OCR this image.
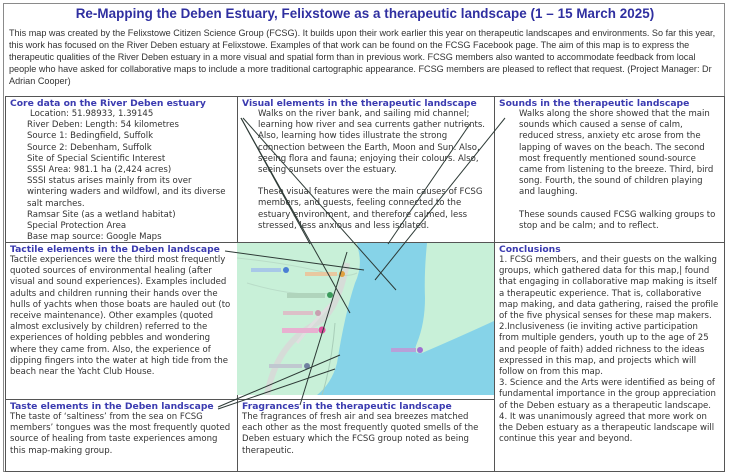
Re-Mapping the Deben Estuary, Felixstowe as a therapeutic landscape (1 – 15 March 2025)
This map was created by the Felixstowe Citizen Science Group (FCSG). It builds upon their work earlier this year on therapeutic landscapes and environments. So far this year, this work has focused on the River Deben estuary at Felixstowe. Examples of that work can be found on the FCSG Facebook page. The aim of this map is to express the therapeutic qualities of the River Deben estuary in a more visual and spatial form than in previous work. FCSG members also wanted to accommodate feedback from local people who have asked for collaborative maps to include a more traditional cartographic appearance. FCSG members are pleased to reflect that request. (Project Manager: Dr Adrian Cooper)
Core data on the River Deben estuary
Location: 51.98933, 1.39145
River Deben: Length: 54 kilometres
Source 1: Bedingfield, Suffolk
Source 2: Debenham, Suffolk
Site of Special Scientific Interest
SSSI Area: 981.1 ha (2,424 acres)
SSSI status arises mainly from its over wintering waders and wildfowl, and its diverse salt marches.
Ramsar Site (as a wetland habitat)
Special Protection Area
Base map source: Google Maps
Visual elements in the therapeutic landscape
Walks on the river bank, and sailing mid channel; learning how river and sea currents gather nutrients. Also, learning how tides illustrate the strong connection between the Earth, Moon and Sun. Also, seeing flora and fauna; enjoying their colours. Also, seeing sunsets over the estuary.
These visual features were the main causes of FCSG members, and guests, feeling connected to the estuary environment, and therefore calmed, less stressed, less anxious and less isolated.
Sounds in the therapeutic landscape
Walks along the shore showed that the main sounds which caused a sense of calm, reduced stress, anxiety etc arose from the lapping of waves on the beach. The second most frequently mentioned sound-source came from listening to the breeze. Third, bird song. Fourth, the sound of children playing and laughing.
These sounds caused FCSG walking groups to stop and be calm; and to reflect.
Tactile elements in the Deben landscape
Tactile experiences were the third most frequently quoted sources of environmental healing (after visual and sound experiences). Examples included adults and children running their hands over the hulls of yachts when those boats are hauled out (to receive maintenance). Other examples (quoted almost exclusively by children) referred to the experiences of holding pebbles and wondering where they came from. Also, the experience of dipping fingers into the water at high tide from the beach near the Yacht Club House.
Conclusions
1. FCSG members, and their guests on the walking groups, which gathered data for this map,| found that engaging in collaborative map making is itself a therapeutic experience. That is, collaborative map making, and data gathering, raised the profile of the five physical senses for these map makers.
2.Inclusiveness (ie inviting active participation from multiple genders, youth up to the age of 25 and people of faith) added richness to the ideas expressed in this map, and projects which will follow on from this map.
3. Science and the Arts were identified as being of fundamental importance in the group appreciation of the Deben estuary as a therapeutic landscape.
4. It was unanimously agreed that more work on the Deben estuary as a therapeutic landscape will continue this year and beyond.
Taste elements in the Deben landscape
The taste of ‘saltiness’ from the sea on FCSG members’ tongues was the most frequently quoted source of healing from taste experiences among this map-making group.
Fragrances in the therapeutic landscape
The fragrances of fresh air and sea breezes matched each other as the most frequently quoted smells of the Deben estuary which the FCSG group noted as being therapeutic.
